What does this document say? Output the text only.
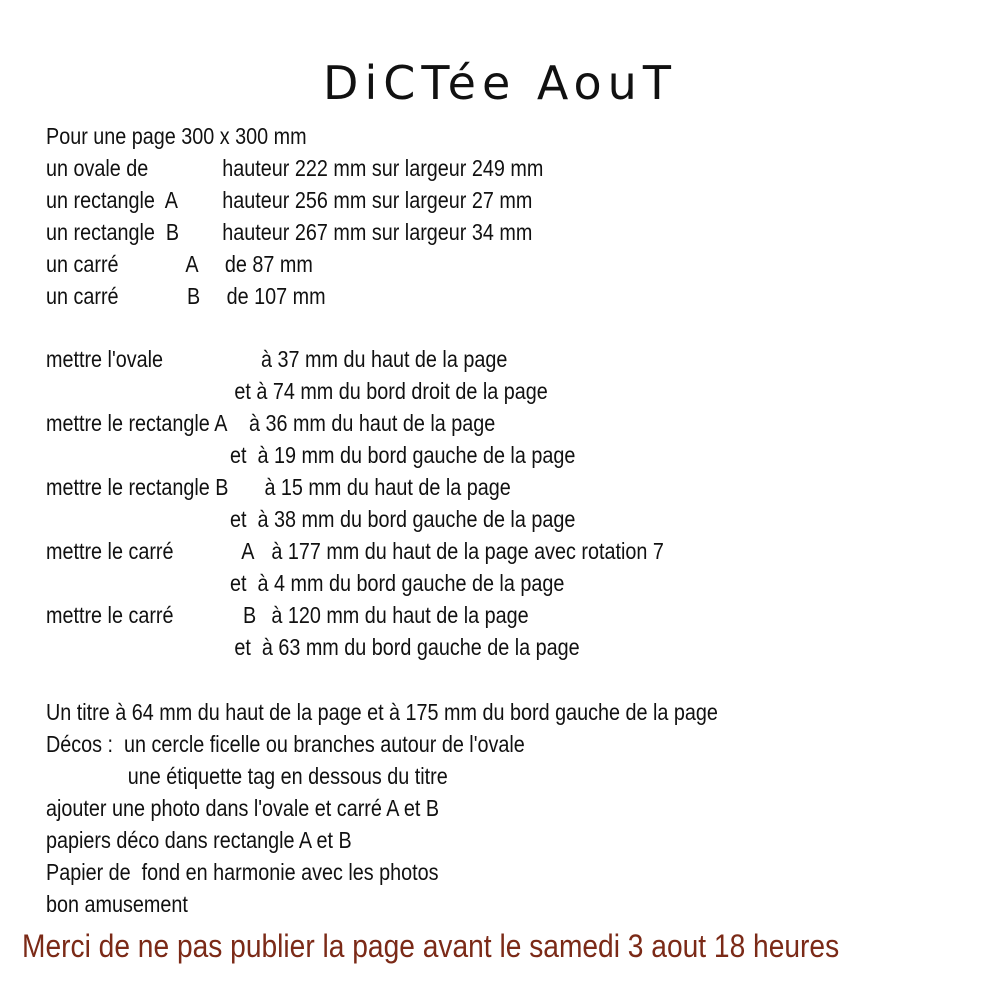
DiCTée AouT
Pour une page 300 x 300 mm
un ovale de	hauteur 222 mm sur largeur 249 mm
un rectangle  A hauteur 256 mm sur largeur 27 mm
un rectangle  B hauteur 267 mm sur largeur 34 mm
un carré	A de 87 mm
un carré	B de 107 mm
mettre l'ovale	à 37 mm du haut de la page
et à 74 mm du bord droit de la page
mettre le rectangle A à 36 mm du haut de la page
et  à 19 mm du bord gauche de la page
mettre le rectangle B à 15 mm du haut de la page
et  à 38 mm du bord gauche de la page
mettre le carré	A à 177 mm du haut de la page avec rotation 7
et  à 4 mm du bord gauche de la page
mettre le carré	B à 120 mm du haut de la page
et  à 63 mm du bord gauche de la page
Un titre à 64 mm du haut de la page et à 175 mm du bord gauche de la page
Décos :  un cercle ficelle ou branches autour de l'ovale
une étiquette tag en dessous du titre
ajouter une photo dans l'ovale et carré A et B
papiers déco dans rectangle A et B
Papier de  fond en harmonie avec les photos
bon amusement
Merci de ne pas publier la page avant le samedi 3 aout 18 heures
